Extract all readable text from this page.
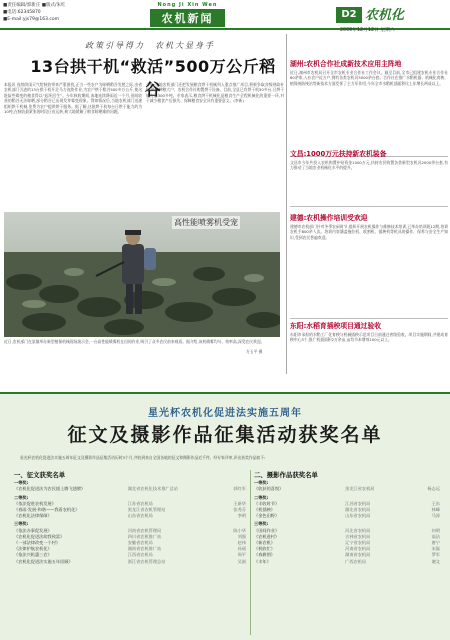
■责任编辑/郭新庄 ■版式/朱红
■电话:62345870
■E-mail:yjs79@163.com
Nong Ji Xin Wen
农机新闻	D2 农机化
2009年12月12日 星期六
政策引导得力　农机大显身手
13台拱干机“救活”500万公斤稻谷
本报讯 连续阴雨天气给秋收带来严重困扰,正当一些农户为晾晒稻谷发愁之际,由省农机部门引进的13台拱干机开足马力连续作业,为农户烘干稻谷500多万公斤,使这批险些霉变的粮食得以“起死回生”。今年秋收期间,该地连续降雨近一个月,田间收获的稻谷无法晾晒,部分稻谷已出现发芽霉变现象。得知情况后,当地农机部门迅速组织烘干机械,免费为农户提供烘干服务。据了解,这批烘干机每台日烘干能力约为10吨,在秋收最紧张的时段日夜运转,极大地缓解了粮食晾晒难的问题。
今年,当地农机部门还把发展粮食烘干机械列入重点推广项目,积极争取各级财政补贴,鼓励种粮大户、农机合作社购置烘干设备。目前,全县已有烘干机30多台,日烘干能力达300多吨。专家表示,粮食烘干机械化是粮食生产全程机械化的重要一环,对于减少粮食产后损失、保障粮食安全具有重要意义。(李新)
高性能喷雾机受宠
近日,农机部门在某镇举办新型植保机械现场演示会,一台高性能喷雾机在田间作业,吸引了众多农民前来观看。据介绍,该机喷雾均匀、效率高,深受农民欢迎。
方玉平 摄
湖州:农机合作社成新技术应用主阵地
近日,湖州市农机局召开全市农机专业合作社工作会议。截至目前,全市已组建农机专业合作社80余家,入社农户近万户,拥有各类农机具3000余台套。合作社在推广水稻机插、机械化育秧、植保统防统治等新技术方面发挥了主力军作用,今年全市水稻机插面积比上年增长两成以上。
文昌:1000万元扶持新农机装备
文昌市今年共投入农机购置补贴资金1000万元,扶持农民购置各类新型农机具2000余台套,有力推动了当地农业机械化水平的提升。
建德:农机操作培训受欢迎
建德市农机部门针对冬季农闲时节,组织开展农机操作与维修技术培训,已举办培训班12期,培训农机手800余人次。培训内容涵盖拖拉机、收割机、插秧机等机具的操作、保养与安全生产知识,受到农民普遍欢迎。
东阳:水稻育插秧项目通过验收
东阳市承担的水稻工厂化育秧与机械插秧示范项目日前通过省级验收。项目实施期间,共建成育秧中心3个,推广机插面积2万余亩,亩均节本增效100元以上。
星光杯农机化促进法实施五周年
征文及摄影作品征集活动获奖名单
星光杯农机化促进法实施五周年征文及摄影作品征集活动历时3个月,共收到来自全国各地的征文和摄影作品近千件。经专家评审,评出获奖作品如下:
一、征文获奖名单
一等奖:
《农机化促进法为农民插上腾飞翅膀》	湖北省农机化技术推广总站	郭红军
二等奖:
《依法促进农机发展》	江苏省农机局	王新华
《春雨·发展·和谐——我看农机化》	黑龙江省农机管理站	张秀芬
《农机化法律保障》	山东省农机局	李明
三等奖:
《依法办事促发展》	河南省农机管理局	陈小华
《农机化促进法助我致富》	四川省农机推广站	刘强
《一部法律改变一个村》	安徽省农机局	赵伟
《法律护航农机化》	湖南省农机推广站	孙丽
《依法兴机惠三农》	江西省农机局	周平
《农机化促进法实施五年回顾》	浙江省农机管理总站	吴刚
二、摄影作品获奖名单
一等奖:
《收获的喜悦》	黑龙江省农机局	杨志远
二等奖:
《丰收时节》	江苏省农机局	王东
《机插秧》	湖北省农机局	林峰
《金色田野》	山东省农机局	马涛
三等奖:
《田间作业》	河北省农机局	何明
《农机进村》	吉林省农机局	高洁
《新农机》	辽宁省农机局	唐宁
《机收忙》	河南省农机局	宋磊
《春耕图》	湖南省农机局	罗军
《丰年》	广西农机局	谢文
